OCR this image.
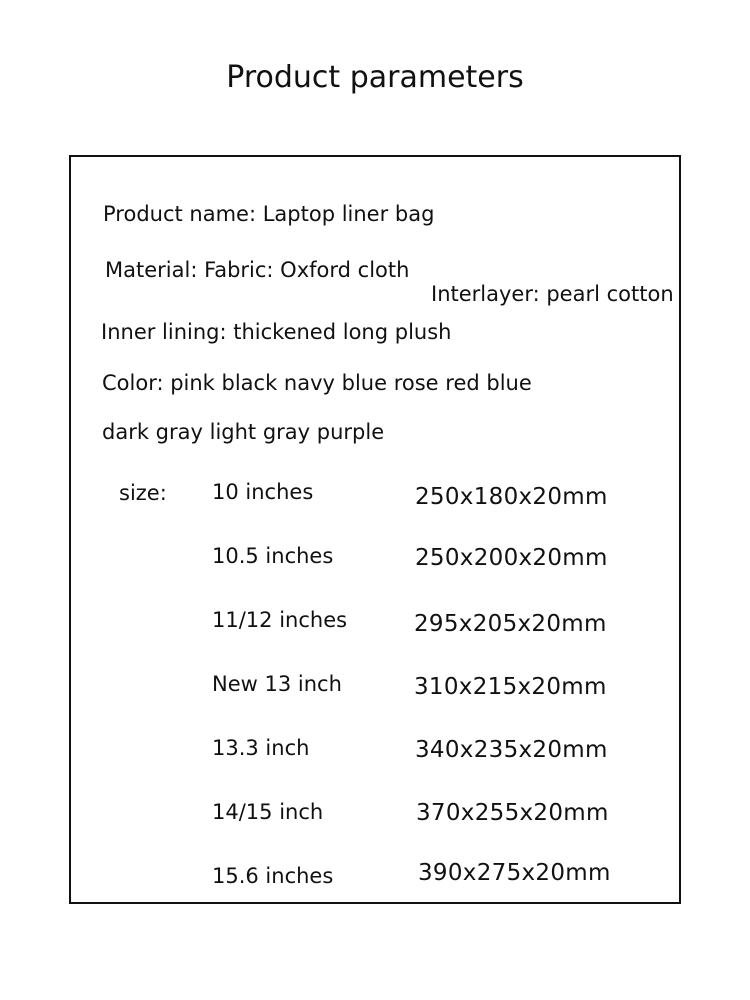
Product parameters
Product name: Laptop liner bag
Material: Fabric: Oxford cloth
Interlayer: pearl cotton
Inner lining: thickened long plush
Color: pink black navy blue rose red blue
dark gray light gray purple
size: 10 inches	250x180x20mm
10.5 inches	250x200x20mm
11/12 inches	295x205x20mm
New 13 inch	310x215x20mm
13.3 inch	340x235x20mm
14/15 inch	370x255x20mm
15.6 inches	390x275x20mm
